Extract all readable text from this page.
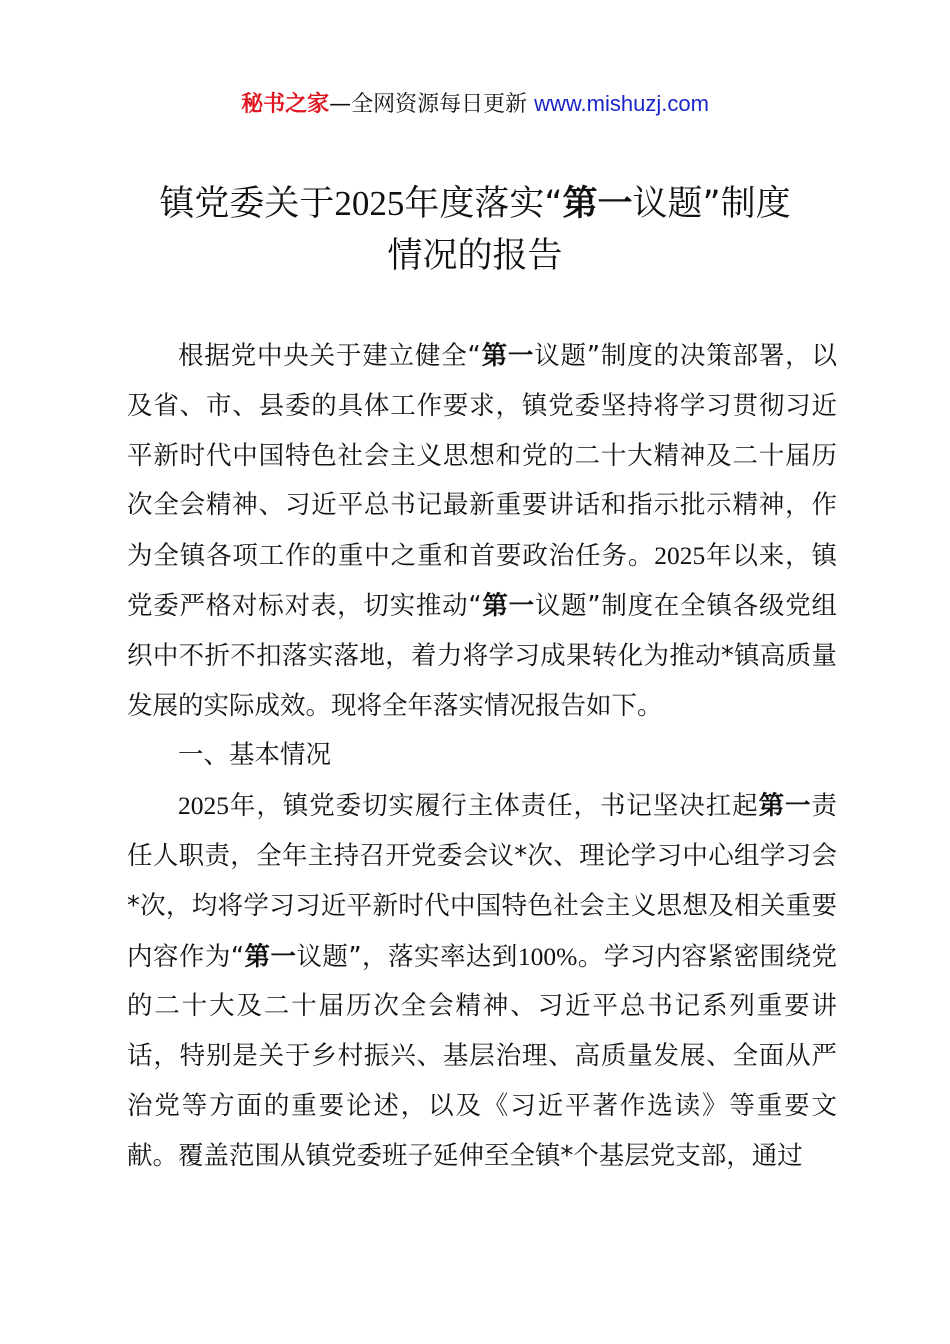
秘书之家—全网资源每日更新 www.mishuzj.com
镇党委关于2025年度落实“第一议题”制度
情况的报告

根据党中央关于建立健全“第一议题”制度的决策部署，以及省、市、县委的具体工作要求，镇党委坚持将学习贯彻习近平新时代中国特色社会主义思想和党的二十大精神及二十届历次全会精神、习近平总书记最新重要讲话和指示批示精神，作为全镇各项工作的重中之重和首要政治任务。2025年以来，镇党委严格对标对表，切实推动“第一议题”制度在全镇各级党组织中不折不扣落实落地，着力将学习成果转化为推动*镇高质量发展的实际成效。现将全年落实情况报告如下。

一、基本情况

2025年，镇党委切实履行主体责任，书记坚决扛起第一责任人职责，全年主持召开党委会议*次、理论学习中心组学习会*次，均将学习习近平新时代中国特色社会主义思想及相关重要内容作为“第一议题”，落实率达到100%。学习内容紧密围绕党的二十大及二十届历次全会精神、习近平总书记系列重要讲话，特别是关于乡村振兴、基层治理、高质量发展、全面从严治党等方面的重要论述，以及《习近平著作选读》等重要文献。覆盖范围从镇党委班子延伸至全镇*个基层党支部，通过
